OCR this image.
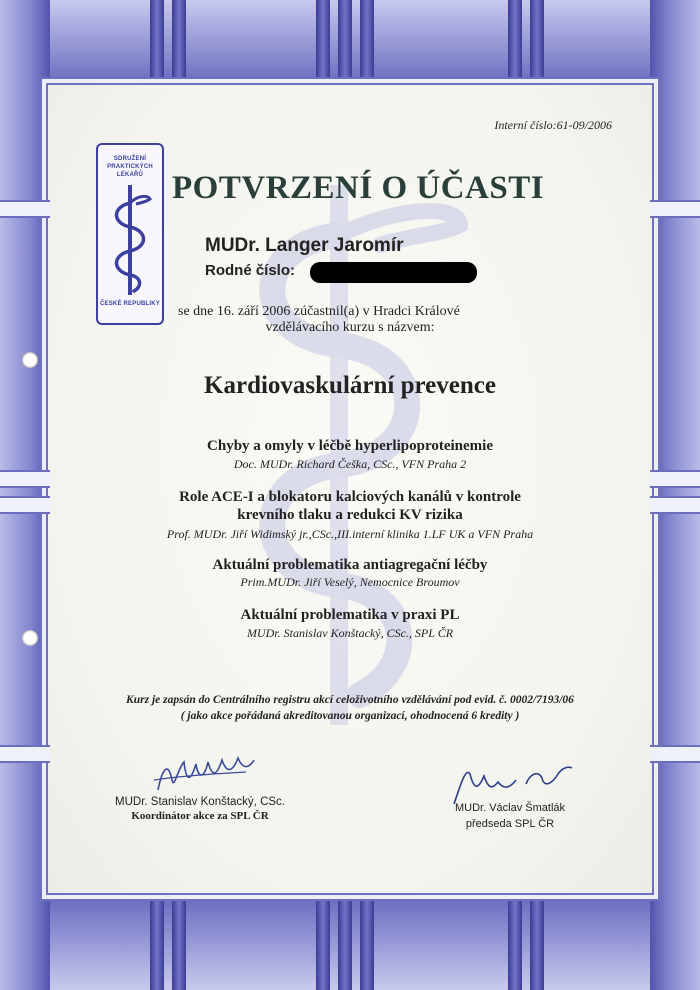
SDRUŽENÍ PRAKTICKÝCH LÉKAŘŮ
ČESKÉ REPUBLIKY
Interní číslo:61-09/2006
POTVRZENÍ O ÚČASTI
MUDr. Langer Jaromír
Rodné číslo:
se dne 16. září 2006 zúčastnil(a) v Hradci Králové
vzdělávacího kurzu s názvem:
Kardiovaskulární prevence
Chyby a omyly v léčbě hyperlipoproteinemie
Doc. MUDr. Richard Češka, CSc., VFN Praha 2
Role ACE-I a blokatoru kalciových kanálů v kontrole
krevního tlaku a redukci KV rizika
Prof. MUDr. Jiří Widimský jr.,CSc.,III.interní klinika 1.LF UK a VFN Praha
Aktuální problematika antiagregační léčby
Prim.MUDr. Jiří Veselý, Nemocnice Broumov
Aktuální problematika v praxi PL
MUDr. Stanislav Konštacký, CSc., SPL ČR
Kurz je zapsán do Centrálního registru akcí celoživotního vzdělávání pod evid. č. 0002/7193/06
( jako akce pořádaná akreditovanou organizací, ohodnocená 6 kredity )
MUDr. Stanislav Konštacký, CSc.
Koordinátor akce za SPL ČR
MUDr. Václav Šmatlák
předseda SPL ČR
